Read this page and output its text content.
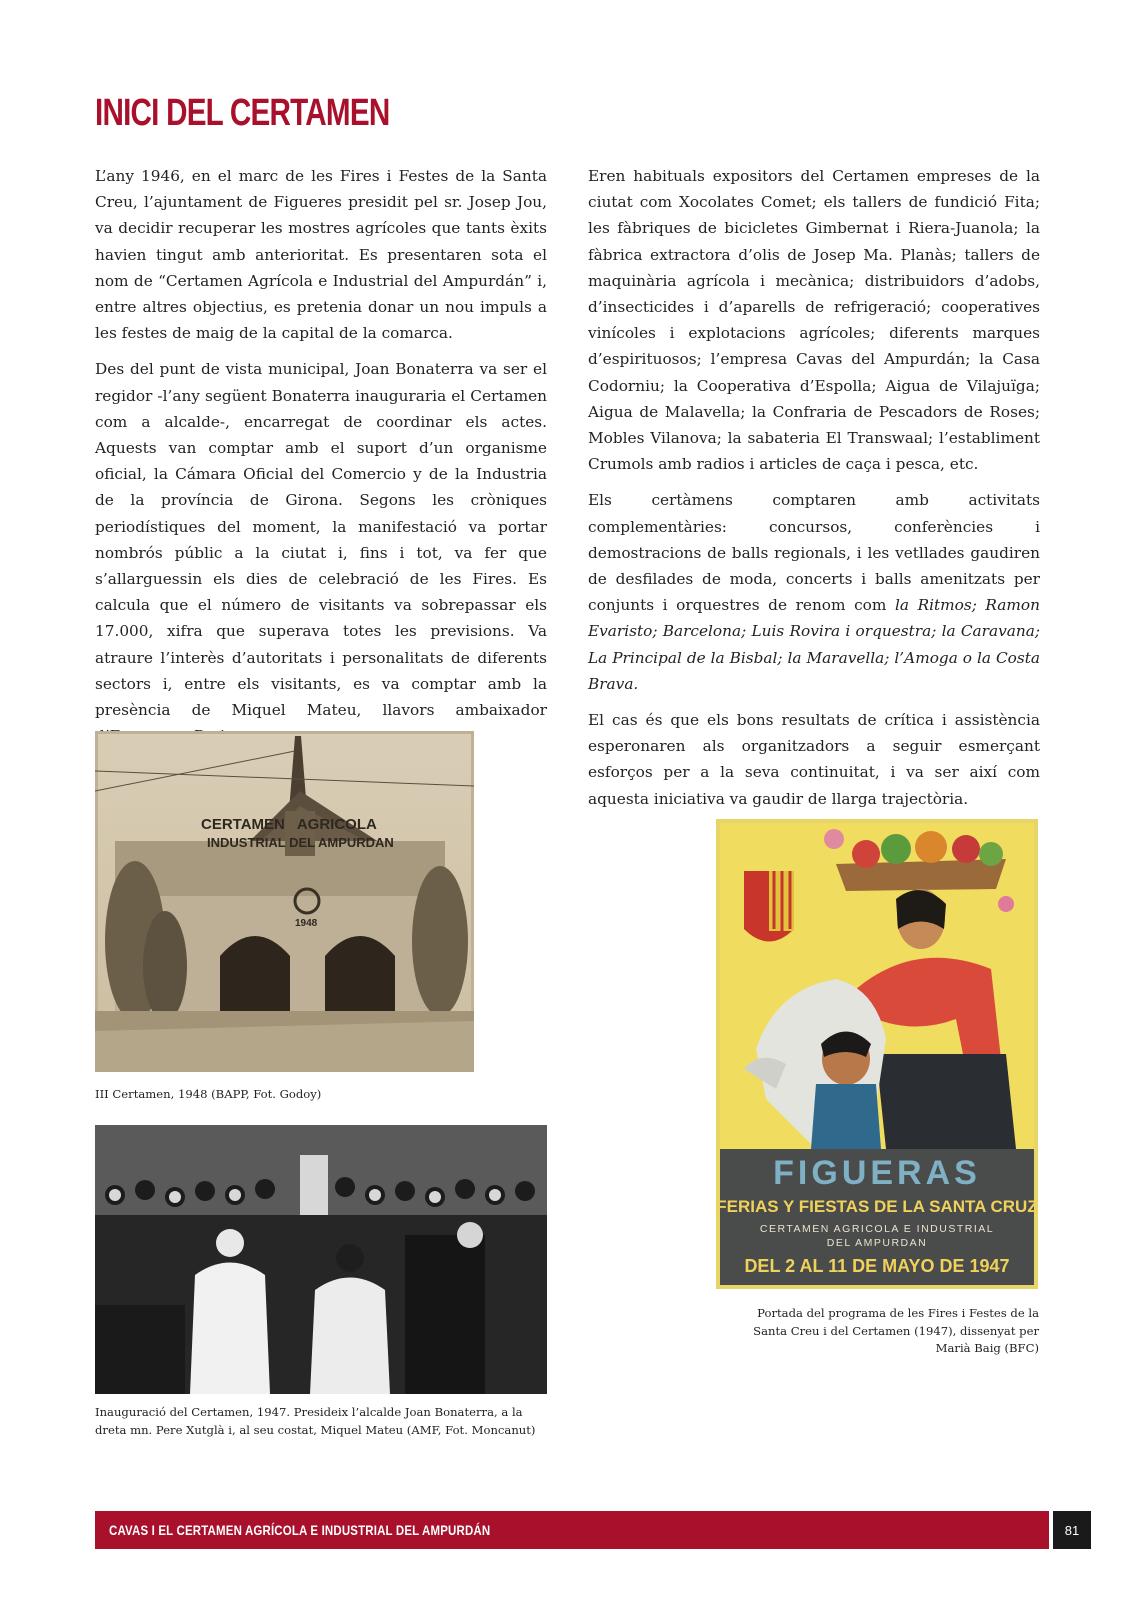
INICI DEL CERTAMEN

L’any 1946, en el marc de les Fires i Festes de la Santa Creu, l’ajuntament de Figueres presidit pel sr. Josep Jou, va decidir recuperar les mostres agrícoles que tants èxits havien tingut amb anterioritat. Es presentaren sota el nom de “Certamen Agrícola e Industrial del Ampurdán” i, entre altres objectius, es pretenia donar un nou impuls a les festes de maig de la capital de la comarca.

Des del punt de vista municipal, Joan Bonaterra va ser el regidor -l’any següent Bonaterra inauguraria el Certamen com a alcalde-, encarregat de coordinar els actes. Aquests van comptar amb el suport d’un organisme oficial, la Cámara Oficial del Comercio y de la Industria de la província de Girona. Segons les cròniques periodístiques del moment, la manifestació va portar nombrós públic a la ciutat i, fins i tot, va fer que s’allarguessin els dies de celebració de les Fires. Es calcula que el número de visitants va sobrepassar els 17.000, xifra que superava totes les previsions. Va atraure l’interès d’autoritats i personalitats de diferents sectors i, entre els visitants, es va comptar amb la presència de Miquel Mateu, llavors ambaixador

Eren habituals expositors del Certamen empreses de la ciutat com Xocolates Comet; els tallers de fundició Fita; les fàbriques de bicicletes Gimbernat i Riera-Juanola; la fàbrica extractora d’olis de Josep Ma. Planàs; tallers de maquinària agrícola i mecànica; distribuidors d’adobs, d’insecticides i d’aparells de refrigeració; cooperatives vinícoles i explotacions agrícoles; diferents marques d’espirituosos; l’empresa Cavas del Ampurdán; la Casa Codorniu; la Cooperativa d’Espolla; Aigua de Vilajuïga; Aigua de Malavella; la Confraria de Pescadors de Roses; Mobles Vilanova; la sabateria El Transwaal; l’establiment Crumols amb radios i articles de caça i pesca, etc.

Els certàmens comptaren amb activitats complementàries: concursos, conferències i demostracions de balls regionals, i les vetllades gaudiren de desfilades de moda, concerts i balls amenitzats per conjunts i orquestres de renom com la Ritmos; Ramon Evaristo; Barcelona; Luis Rovira i orquestra; la Caravana; La Principal de la Bisbal; la Maravella; l’Amoga o la Costa Brava.

El cas és que els bons resultats de crítica i assistència esperonaren als organitzadors a seguir esmerçant esforços per a la seva continuitat, i va ser així com aquesta iniciativa va gaudir de llarga trajectòria.

CERTAMEN   AGRICOLA
INDUSTRIAL DEL AMPURDAN
1948

III Certamen, 1948 (BAPP, Fot. Godoy)

Inauguració del Certamen, 1947. Presideix l’alcalde Joan Bonaterra, a la dreta mn. Pere Xutglà i, al seu costat, Miquel Mateu (AMF, Fot. Moncanut)

FIGUERAS
FERIAS Y FIESTAS DE LA SANTA CRUZ
CERTAMEN AGRICOLA E INDUSTRIAL
DEL AMPURDAN
DEL 2 AL 11 DE MAYO DE 1947

Portada del programa de les Fires i Festes de la Santa Creu i del Certamen (1947), dissenyat per Marià Baig (BFC)

CAVAS I EL CERTAMEN AGRÍCOLA E INDUSTRIAL DEL AMPURDÁN	81
